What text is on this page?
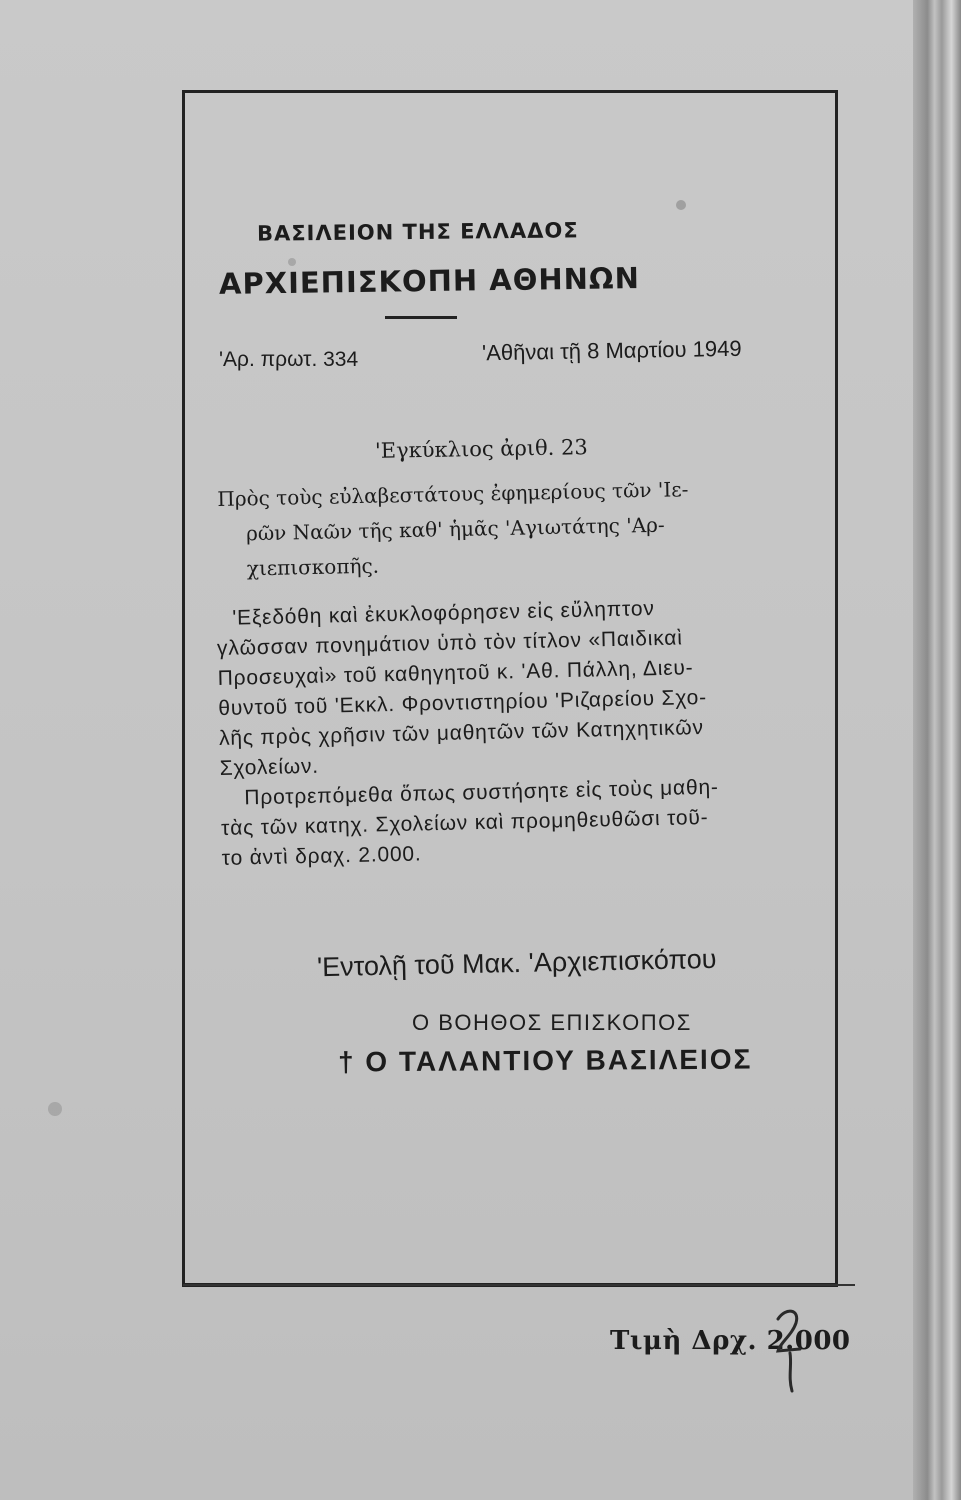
ΒΑΣΙΛΕΙΟΝ ΤΗΣ ΕΛΛΑΔΟΣ
ΑΡΧΙΕΠΙΣΚΟΠΗ ΑΘΗΝΩΝ
'Αρ. πρωτ. 334	'Αθῆναι τῇ 8 Μαρτίου 1949
'Εγκύκλιος ἀριθ. 23
Πρὸς τοὺς εὐλαβεστάτους ἐφημερίους τῶν 'Ιε-
ρῶν Ναῶν τῆς καθ' ἡμᾶς 'Αγιωτάτης 'Αρ-
χιεπισκοπῆς.
'Εξεδόθη καὶ ἐκυκλοφόρησεν εἰς εὔληπτον
γλῶσσαν πονημάτιον ὑπὸ τὸν τίτλον «Παιδικαὶ
Προσευχαὶ» τοῦ καθηγητοῦ κ. 'Αθ. Πάλλη, Διευ-
θυντοῦ τοῦ 'Εκκλ. Φροντιστηρίου 'Ριζαρείου Σχο-
λῆς πρὸς χρῆσιν τῶν μαθητῶν τῶν Κατηχητικῶν
Σχολείων.
Προτρεπόμεθα ὅπως συστήσητε εἰς τοὺς μαθη-
τὰς τῶν κατηχ. Σχολείων καὶ προμηθευθῶσι τοῦ-
το ἀντὶ δραχ. 2.000.
'Εντολῇ τοῦ Μακ. 'Αρχιεπισκόπου
Ο ΒΟΗΘΟΣ ΕΠΙΣΚΟΠΟΣ
† Ο ΤΑΛΑΝΤΙΟΥ ΒΑΣΙΛΕΙΟΣ
Τιμὴ Δρχ. 2.000
